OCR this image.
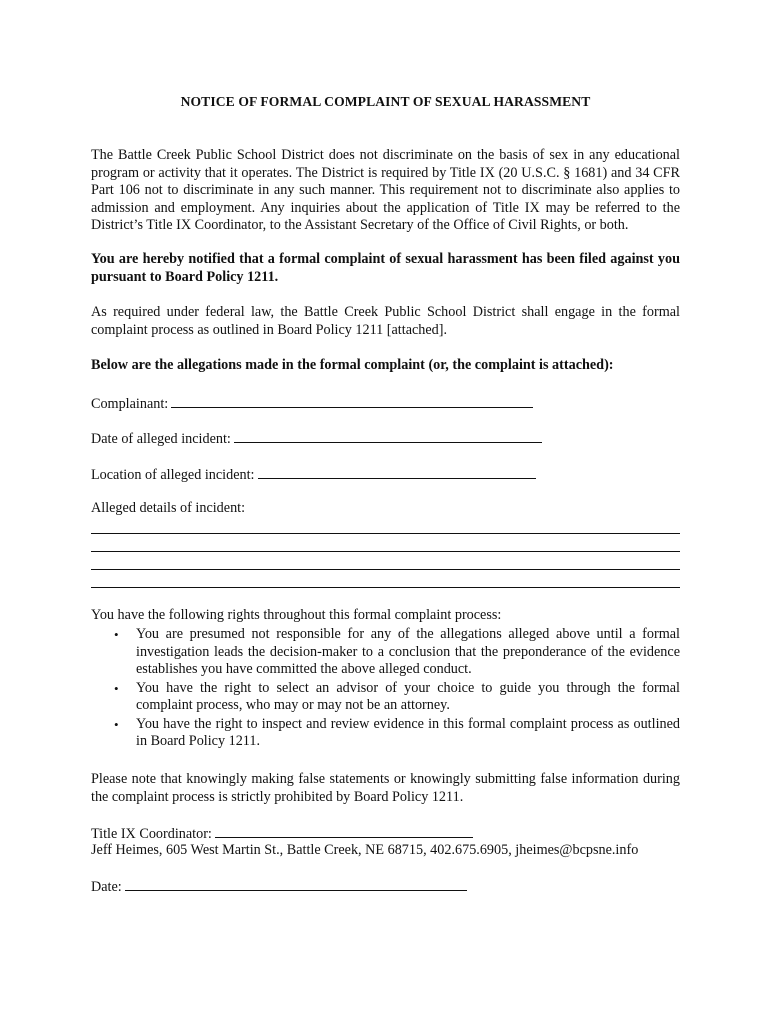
NOTICE OF FORMAL COMPLAINT OF SEXUAL HARASSMENT

The Battle Creek Public School District does not discriminate on the basis of sex in any educational program or activity that it operates. The District is required by Title IX (20 U.S.C. § 1681) and 34 CFR Part 106 not to discriminate in any such manner. This requirement not to discriminate also applies to admission and employment. Any inquiries about the application of Title IX may be referred to the District’s Title IX Coordinator, to the Assistant Secretary of the Office of Civil Rights, or both.

You are hereby notified that a formal complaint of sexual harassment has been filed against you pursuant to Board Policy 1211.

As required under federal law, the Battle Creek Public School District shall engage in the formal complaint process as outlined in Board Policy 1211 [attached].

Below are the allegations made in the formal complaint (or, the complaint is attached):

Complainant:
Date of alleged incident:
Location of alleged incident:
Alleged details of incident:
You have the following rights throughout this formal complaint process:
• You are presumed not responsible for any of the allegations alleged above until a formal investigation leads the decision-maker to a conclusion that the preponderance of the evidence establishes you have committed the above alleged conduct.
• You have the right to select an advisor of your choice to guide you through the formal complaint process, who may or may not be an attorney.
• You have the right to inspect and review evidence in this formal complaint process as outlined in Board Policy 1211.

Please note that knowingly making false statements or knowingly submitting false information during the complaint process is strictly prohibited by Board Policy 1211.

Title IX Coordinator:
Jeff Heimes, 605 West Martin St., Battle Creek, NE 68715, 402.675.6905, jheimes@bcpsne.info
Date:
